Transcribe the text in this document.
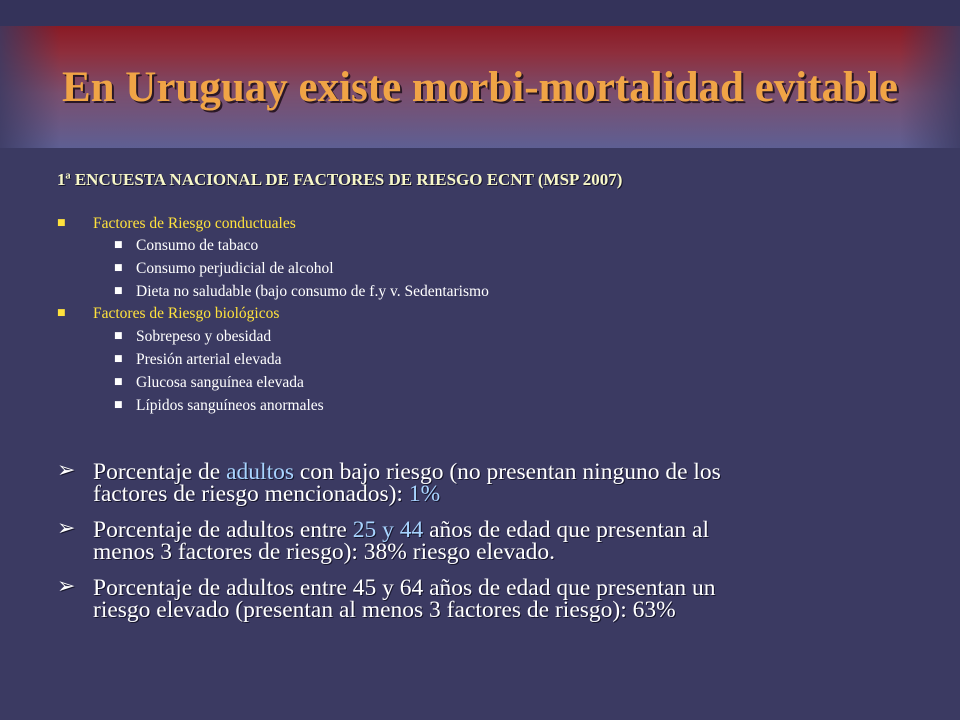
En Uruguay existe morbi-mortalidad evitable

1ª ENCUESTA NACIONAL DE FACTORES DE RIESGO ECNT (MSP 2007)

■ Factores de Riesgo conductuales
■ Consumo de tabaco
■ Consumo perjudicial de alcohol
■ Dieta no saludable (bajo consumo de f.y v. Sedentarismo
■ Factores de Riesgo biológicos
■ Sobrepeso y obesidad
■ Presión arterial elevada
■ Glucosa sanguínea elevada
■ Lípidos sanguíneos anormales
➢ Porcentaje de adultos con bajo riesgo (no presentan ninguno de los
factores de riesgo mencionados): 1%
➢ Porcentaje de adultos entre 25 y 44 años de edad que presentan al
menos 3 factores de riesgo): 38% riesgo elevado.
➢ Porcentaje de adultos entre 45 y 64 años de edad que presentan un
riesgo elevado (presentan al menos 3 factores de riesgo): 63%
